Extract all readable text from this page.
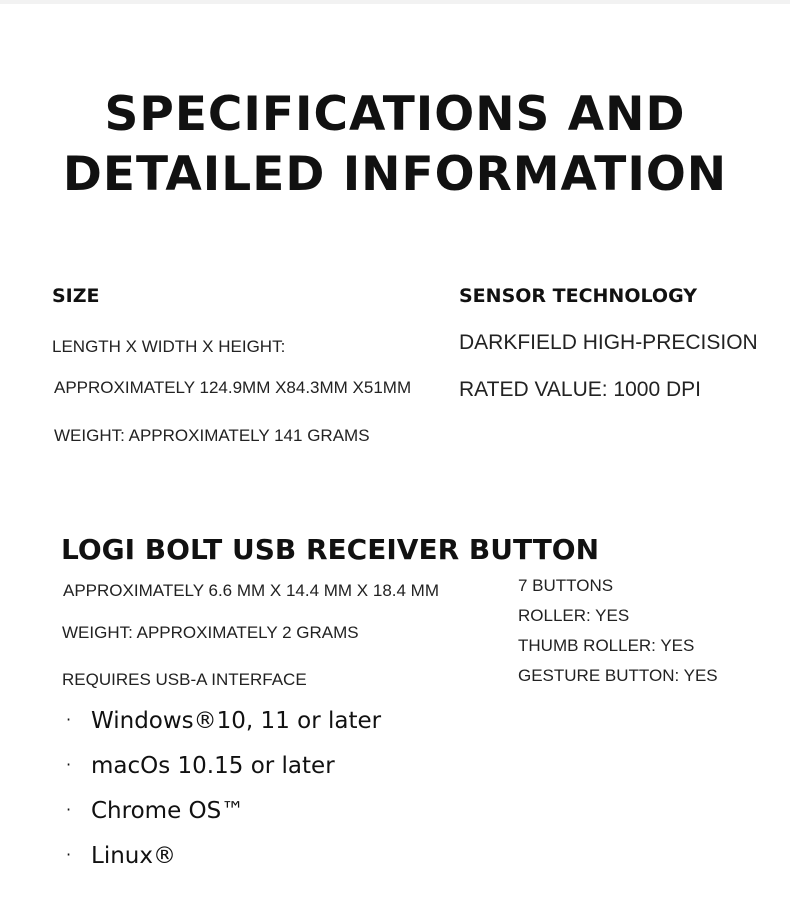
SPECIFICATIONS AND
DETAILED INFORMATION
SIZE
LENGTH X WIDTH X HEIGHT:
APPROXIMATELY 124.9MM X84.3MM X51MM
WEIGHT: APPROXIMATELY 141 GRAMS
SENSOR TECHNOLOGY
DARKFIELD HIGH-PRECISION
RATED VALUE: 1000 DPI
LOGI BOLT USB RECEIVER BUTTON
APPROXIMATELY 6.6 MM X 14.4 MM X 18.4 MM
WEIGHT: APPROXIMATELY 2 GRAMS
REQUIRES USB-A INTERFACE
7 BUTTONS
ROLLER: YES
THUMB ROLLER: YES
GESTURE BUTTON: YES
· Windows®10, 11 or later
· macOs 10.15 or later
· Chrome OS™
· Linux®
